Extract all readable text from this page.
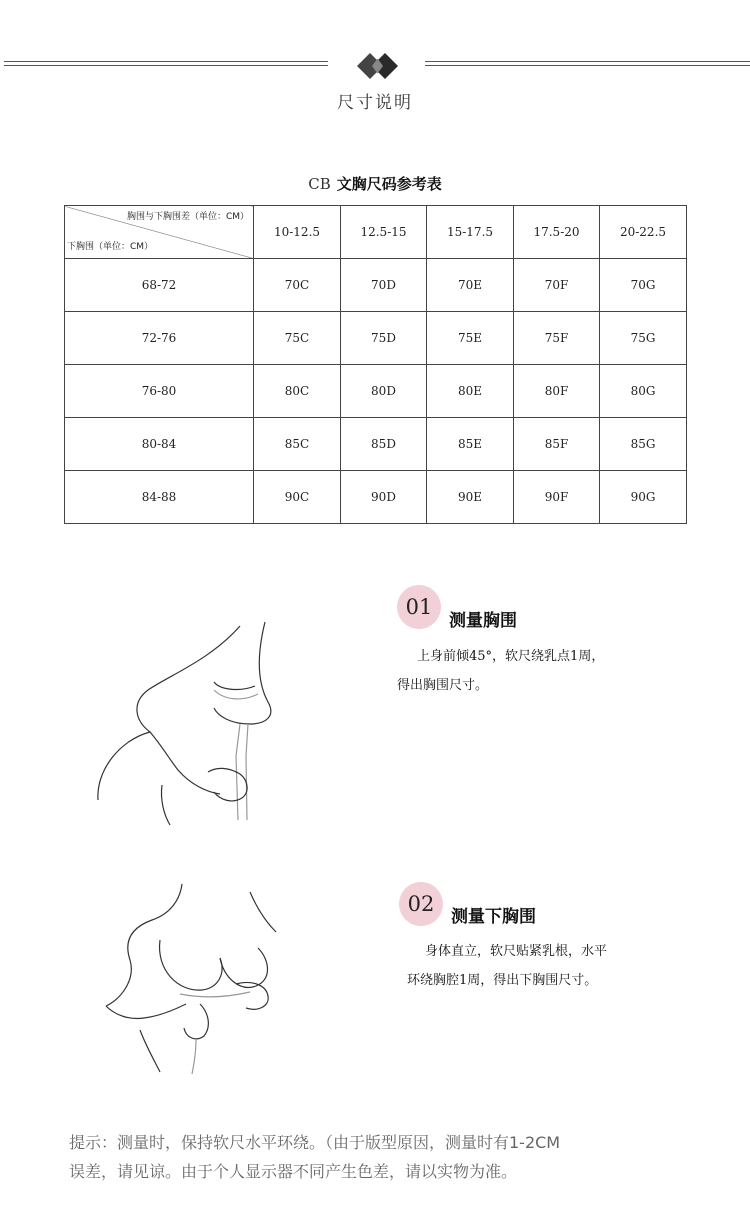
尺寸说明
CB 文胸尺码参考表
胸围与下胸围差（单位：CM）
下胸围（单位：CM）	10-12.5	12.5-15	15-17.5	17.5-20	20-22.5
68-72	70C	70D	70E	70F	70G
72-76	75C	75D	75E	75F	75G
76-80	80C	80D	80E	80F	80G
80-84	85C	85D	85E	85F	85G
84-88	90C	90D	90E	90F	90G
01
测量胸围
上身前倾45°，软尺绕乳点1周，
得出胸围尺寸。
02
测量下胸围
身体直立，软尺贴紧乳根，水平
环绕胸腔1周，得出下胸围尺寸。
提示：测量时，保持软尺水平环绕。（由于版型原因，测量时有1-2CM
误差，请见谅。由于个人显示器不同产生色差，请以实物为准。
